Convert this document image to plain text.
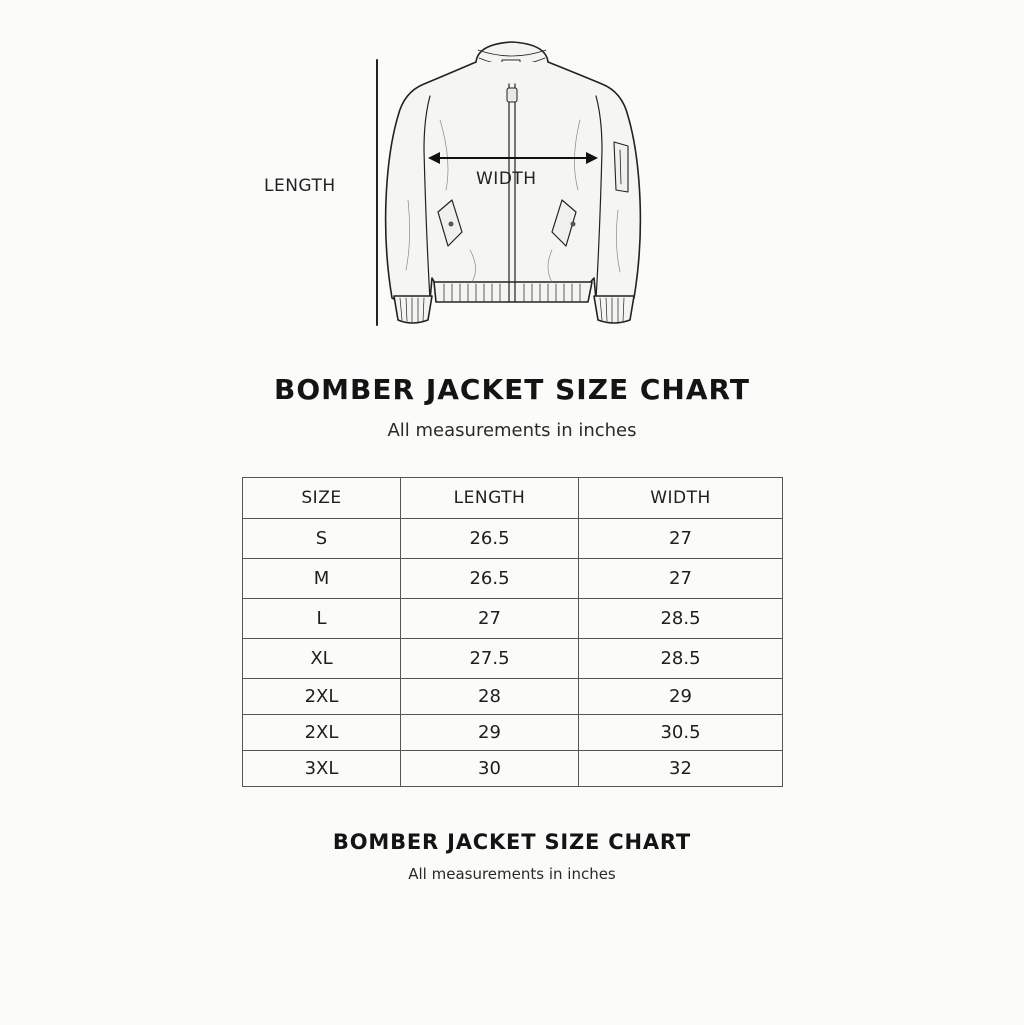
LENGTH	WIDTH
BOMBER JACKET SIZE CHART
All measurements in inches
SIZE	LENGTH	WIDTH
S	26.5	27
M	26.5	27
L	27	28.5
XL	27.5	28.5
2XL	28	29
2XL	29	30.5
3XL	30	32
BOMBER JACKET SIZE CHART
All measurements in inches
